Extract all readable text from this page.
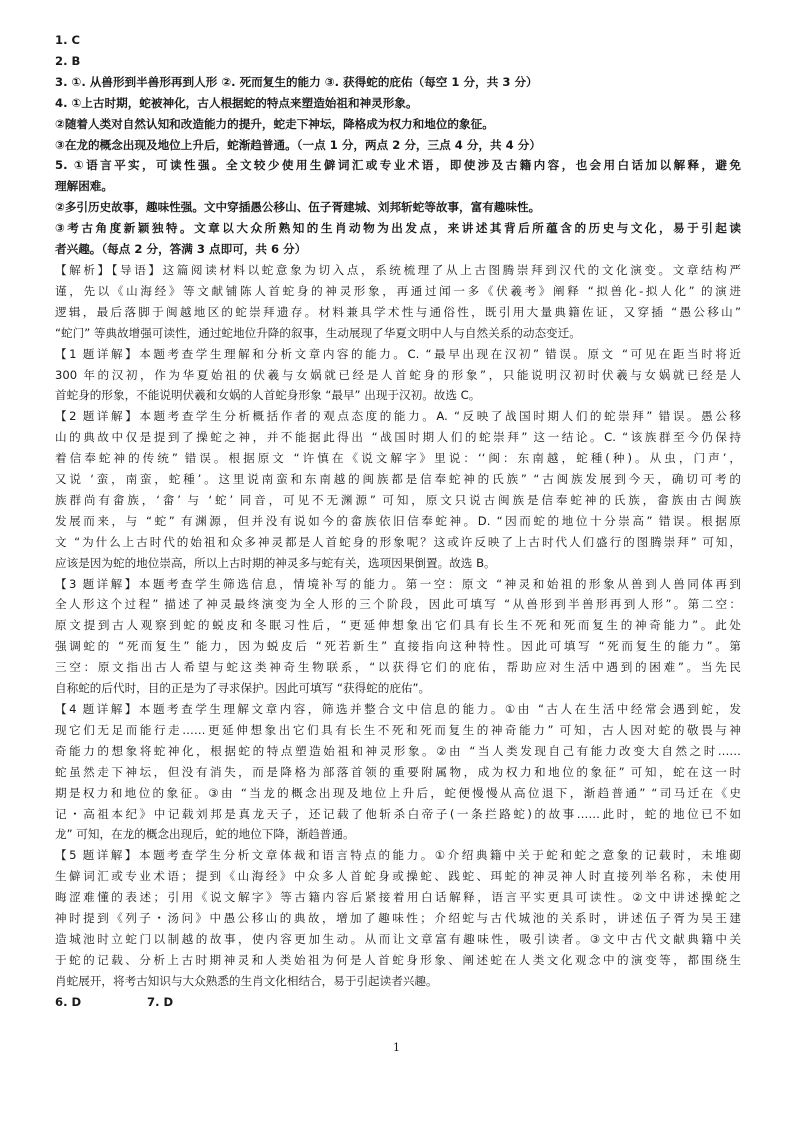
1. C

2. B

3. ①. 从兽形到半兽形再到人形 ②. 死而复生的能力 ③. 获得蛇的庇佑（每空 1 分，共 3 分）

4. ①上古时期，蛇被神化，古人根据蛇的特点来塑造始祖和神灵形象。

②随着人类对自然认知和改造能力的提升，蛇走下神坛，降格成为权力和地位的象征。

③在龙的概念出现及地位上升后，蛇渐趋普通。（一点 1 分，两点 2 分，三点 4 分，共 4 分）

5. ①语言平实，可读性强。全文较少使用生僻词汇或专业术语，即使涉及古籍内容，也会用白话加以解释，避免

理解困难。

②多引历史故事，趣味性强。文中穿插愚公移山、伍子胥建城、刘邦斩蛇等故事，富有趣味性。

③考古角度新颖独特。文章以大众所熟知的生肖动物为出发点，来讲述其背后所蕴含的历史与文化，易于引起读

者兴趣。（每点 2 分，答满 3 点即可，共 6 分）

【解析】【导语】这篇阅读材料以蛇意象为切入点，系统梳理了从上古图腾崇拜到汉代的文化演变。文章结构严

谨，先以《山海经》等文献铺陈人首蛇身的神灵形象，再通过闻一多《伏羲考》阐释 “拟兽化-拟人化” 的演进

逻辑，最后落脚于闽越地区的蛇崇拜遗存。材料兼具学术性与通俗性，既引用大量典籍佐证，又穿插 “愚公移山”

“蛇门” 等典故增强可读性，通过蛇地位升降的叙事，生动展现了华夏文明中人与自然关系的动态变迁。

【1 题详解】本题考查学生理解和分析文章内容的能力。C. “最早出现在汉初” 错误。原文 “可见在距当时将近

300 年的汉初，作为华夏始祖的伏羲与女娲就已经是人首蛇身的形象”，只能说明汉初时伏羲与女娲就已经是人

首蛇身的形象，不能说明伏羲和女娲的人首蛇身形象 “最早” 出现于汉初。故选 C。

【2 题详解】本题考查学生分析概括作者的观点态度的能力。A. “反映了战国时期人们的蛇崇拜” 错误。愚公移

山的典故中仅是提到了操蛇之神，并不能据此得出 “战国时期人们的蛇崇拜” 这一结论。C. “该族群至今仍保持

着信奉蛇神的传统” 错误。根据原文 “许慎在《说文解字》里说：‘‘闽：东南越，蛇種(种)。从虫，门声’，

又说 ‘蛮，南蛮，蛇種’。这里说南蛮和东南越的闽族都是信奉蛇神的氏族” “古闽族发展到今天，确切可考的

族群尚有畲族，‘畲’ 与 ‘蛇’ 同音，可见不无渊源” 可知，原文只说古闽族是信奉蛇神的氏族，畲族由古闽族

发展而来，与 “蛇” 有渊源，但并没有说如今的畲族依旧信奉蛇神。D. “因而蛇的地位十分崇高” 错误。根据原

文 “为什么上古时代的始祖和众多神灵都是人首蛇身的形象呢？这或许反映了上古时代人们盛行的图腾崇拜” 可知，

应该是因为蛇的地位崇高，所以上古时期的神灵多与蛇有关，选项因果倒置。故选 B。

【3 题详解】本题考查学生筛选信息，情境补写的能力。第一空：原文 “神灵和始祖的形象从兽到人兽同体再到

全人形这个过程” 描述了神灵最终演变为全人形的三个阶段，因此可填写 “从兽形到半兽形再到人形”。第二空：

原文提到古人观察到蛇的蜕皮和冬眠习性后，“更延伸想象出它们具有长生不死和死而复生的神奇能力”。此处

强调蛇的 “死而复生” 能力，因为蜕皮后 “死若新生” 直接指向这种特性。因此可填写 “死而复生的能力”。第

三空：原文指出古人希望与蛇这类神奇生物联系，“以获得它们的庇佑，帮助应对生活中遇到的困难”。当先民

自称蛇的后代时，目的正是为了寻求保护。因此可填写 “获得蛇的庇佑”。

【4 题详解】本题考查学生理解文章内容，筛选并整合文中信息的能力。①由 “古人在生活中经常会遇到蛇，发

现它们无足而能行走……更延伸想象出它们具有长生不死和死而复生的神奇能力” 可知，古人因对蛇的敬畏与神

奇能力的想象将蛇神化，根据蛇的特点塑造始祖和神灵形象。②由 “当人类发现自己有能力改变大自然之时……

蛇虽然走下神坛，但没有消失，而是降格为部落首领的重要附属物，成为权力和地位的象征” 可知，蛇在这一时

期是权力和地位的象征。③由 “当龙的概念出现及地位上升后，蛇便慢慢从高位退下，渐趋普通” “司马迁在《史

记・高祖本纪》中记载刘邦是真龙天子，还记载了他斩杀白帝子(一条拦路蛇)的故事……此时，蛇的地位已不如

龙” 可知，在龙的概念出现后，蛇的地位下降，渐趋普通。

【5 题详解】本题考查学生分析文章体裁和语言特点的能力。①介绍典籍中关于蛇和蛇之意象的记载时，未堆砌

生僻词汇或专业术语；提到《山海经》中众多人首蛇身或操蛇、践蛇、珥蛇的神灵神人时直接列举名称，未使用

晦涩难懂的表述；引用《说文解字》等古籍内容后紧接着用白话解释，语言平实更具可读性。②文中讲述操蛇之

神时提到《列子・汤问》中愚公移山的典故，增加了趣味性；介绍蛇与古代城池的关系时，讲述伍子胥为吴王建

造城池时立蛇门以制越的故事，使内容更加生动。从而让文章富有趣味性，吸引读者。③文中古代文献典籍中关

于蛇的记载、分析上古时期神灵和人类始祖为何是人首蛇身形象、阐述蛇在人类文化观念中的演变等，都围绕生

肖蛇展开，将考古知识与大众熟悉的生肖文化相结合，易于引起读者兴趣。

6. D	7. D
1
